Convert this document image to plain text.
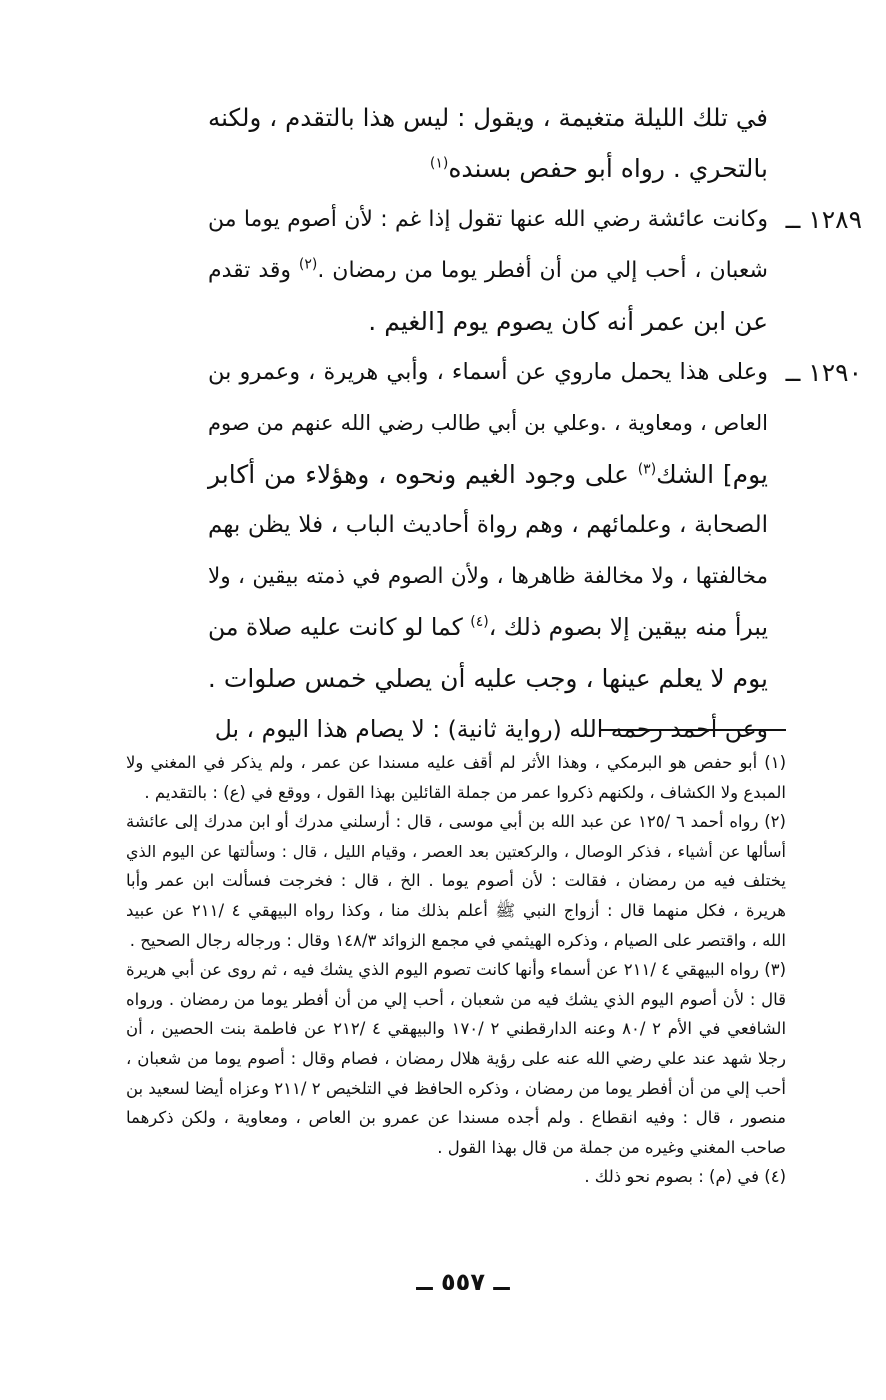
في تلك الليلة متغيمة ، ويقول : ليس هذا بالتقدم ، ولكنه
بالتحري . رواه أبو حفص بسنده$^{(١)}$

١٢٨٩ ــ
وكانت عائشة رضي الله عنها تقول إذا غم : لأن أصوم يوما من
شعبان ، أحب إلي من أن أفطر يوما من رمضان .$^{(٢)}$ وقد تقدم
عن ابن عمر أنه كان يصوم يوم [الغيم .

١٢٩٠ ــ
وعلى هذا يحمل ماروي عن أسماء ، وأبي هريرة ، وعمرو بن
العاص ، ومعاوية ، .وعلي بن أبي طالب رضي الله عنهم من صوم
يوم] الشك$^{(٣)}$ على وجود الغيم ونحوه ، وهؤلاء من أكابر
الصحابة ، وعلمائهم ، وهم رواة أحاديث الباب ، فلا يظن بهم
مخالفتها ، ولا مخالفة ظاهرها ، ولأن الصوم في ذمته بيقين ، ولا
يبرأ منه بيقين إلا بصوم ذلك ،$^{(٤)}$ كما لو كانت عليه صلاة من
يوم لا يعلم عينها ، وجب عليه أن يصلي خمس صلوات .

وعن أحمد رحمه الله (رواية ثانية) : لا يصام هذا اليوم ، بل

(١) أبو حفص هو البرمكي ، وهذا الأثر لم أقف عليه مسندا عن عمر ، ولم يذكر في المغني ولا
المبدع ولا الكشاف ، ولكنهم ذكروا عمر من جملة القائلين بهذا القول ، ووقع في (ع) : بالتقديم .

(٢) رواه أحمد ٦ /١٢٥ عن عبد الله بن أبي موسى ، قال : أرسلني مدرك أو ابن مدرك إلى عائشة
أسألها عن أشياء ، فذكر الوصال ، والركعتين بعد العصر ، وقيام الليل ، قال : وسألتها عن اليوم الذي
يختلف فيه من رمضان ، فقالت : لأن أصوم يوما . الخ ، قال : فخرجت فسألت ابن عمر وأبا
هريرة ، فكل منهما قال : أزواج النبي ﷺ أعلم بذلك منا ، وكذا رواه البيهقي ٤ /٢١١ عن عبيد
الله ، واقتصر على الصيام ، وذكره الهيثمي في مجمع الزوائد ١٤٨/٣ وقال : ورجاله رجال الصحيح .

(٣) رواه البيهقي ٤ /٢١١ عن أسماء وأنها كانت تصوم اليوم الذي يشك فيه ، ثم روى عن أبي هريرة
قال : لأن أصوم اليوم الذي يشك فيه من شعبان ، أحب إلي من أن أفطر يوما من رمضان . ورواه
الشافعي في الأم ٢ /٨٠ وعنه الدارقطني ٢ /١٧٠ والبيهقي ٤ /٢١٢ عن فاطمة بنت الحصين ، أن
رجلا شهد عند علي رضي الله عنه على رؤية هلال رمضان ، فصام وقال : أصوم يوما من شعبان ،
أحب إلي من أن أفطر يوما من رمضان ، وذكره الحافظ في التلخيص ٢ /٢١١ وعزاه أيضا لسعيد بن
منصور ، قال : وفيه انقطاع . ولم أجده مسندا عن عمرو بن العاص ، ومعاوية ، ولكن ذكرهما
صاحب المغني وغيره من جملة من قال بهذا القول .

(٤) في (م) : بصوم نحو ذلك .

ــ ٥٥٧ ــ
